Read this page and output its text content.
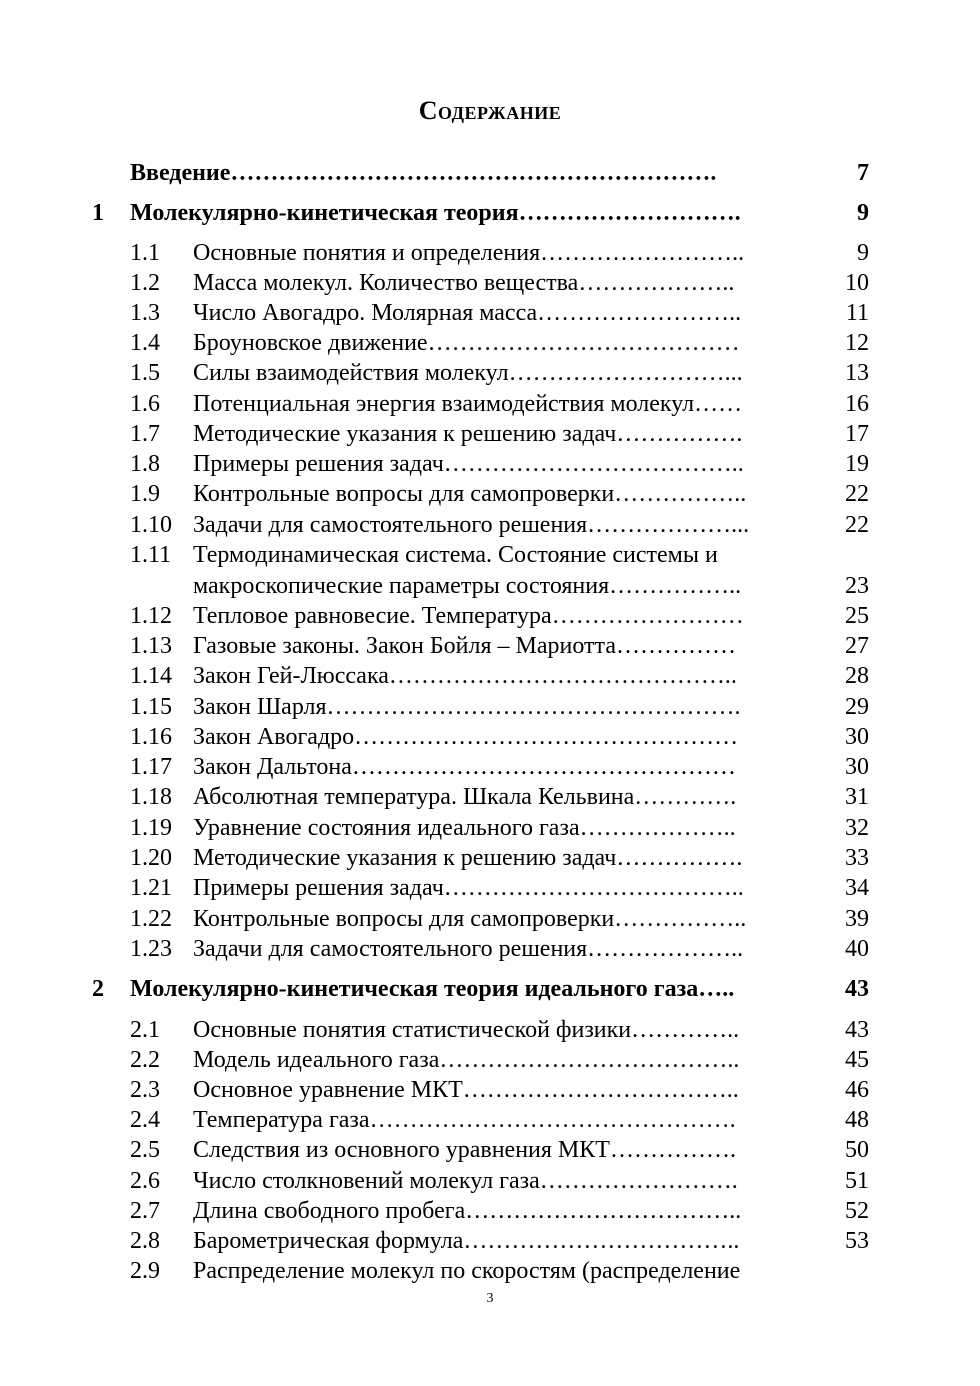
Содержание
Введение…………………………………………………….	7
1 Молекулярно-кинетическая теория……………………….	9
1.1 Основные понятия и определения……………………..	9
1.2 Масса молекул. Количество вещества………………..	10
1.3 Число Авогадро. Молярная масса……………………..	11
1.4 Броуновское движение…………………………………	12
1.5 Силы взаимодействия молекул………………………...	13
1.6 Потенциальная энергия взаимодействия молекул……	16
1.7 Методические указания к решению задач…………….	17
1.8 Примеры решения задач………………………………..	19
1.9 Контрольные вопросы для самопроверки……………..	22
1.10 Задачи для самостоятельного решения………………...	22
1.11 Термодинамическая система. Состояние системы и
макроскопические параметры состояния……………..	23
1.12 Тепловое равновесие. Температура……………………	25
1.13 Газовые законы. Закон Бойля – Мариотта……………	27
1.14 Закон Гей-Люссака……………………………………..	28
1.15 Закон Шарля…………………………………………….	29
1.16 Закон Авогадро…………………………………………	30
1.17 Закон Дальтона…………………………………………	30
1.18 Абсолютная температура. Шкала Кельвина………….	31
1.19 Уравнение состояния идеального газа………………..	32
1.20 Методические указания к решению задач…………….	33
1.21 Примеры решения задач………………………………..	34
1.22 Контрольные вопросы для самопроверки……………..	39
1.23 Задачи для самостоятельного решения………………..	40
2 Молекулярно-кинетическая теория идеального газа…..	43
2.1 Основные понятия статистической физики…………..	43
2.2 Модель идеального газа………………………………..	45
2.3 Основное уравнение МКТ……………………………..	46
2.4 Температура газа……………………………………….	48
2.5 Следствия из основного уравнения МКТ…………….	50
2.6 Число столкновений молекул газа…………………….	51
2.7 Длина свободного пробега……………………………..	52
2.8 Барометрическая формула……………………………..	53
2.9 Распределение молекул по скоростям (распределение
3
